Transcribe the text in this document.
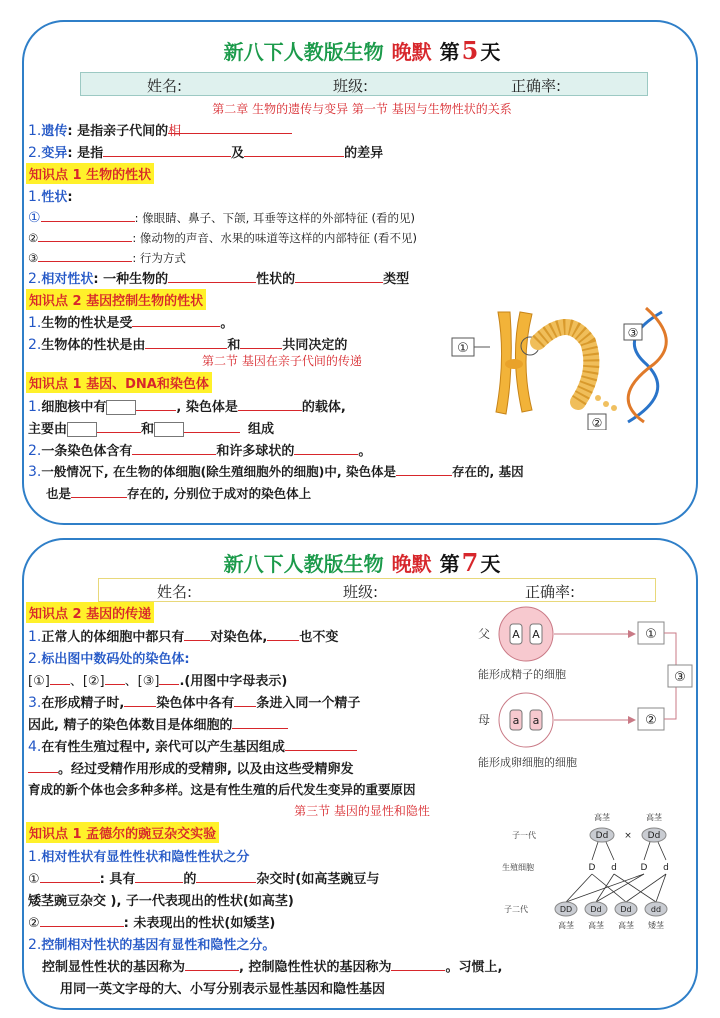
新八下人教版生物 晚默 第5 天
姓名:	班级:	正确率:
第二章 生物的遗传与变异 第一节 基因与生物性状的关系
1.遗传: 是指亲子代间的相
2.变异: 是指	及	的差异
知识点 1 生物的性状
1.性状:
①	: 像眼睛、鼻子、下颌, 耳垂等这样的外部特征 (看的见)
②	: 像动物的声音、水果的味道等这样的内部特征 (看不见)
③	: 行为方式
2.相对性状: 一种生物的	性状的	类型
知识点 2 基因控制生物的性状
1.生物的性状是受	。
2.生物体的性状是由	和	共同决定的
第二节 基因在亲子代间的传递
知识点 1 基因、DNA和染色体
1.细胞核中有	, 染色体是	的载体,
主要由	和	组成
2.一条染色体含有	和许多球状的	。
3.一般情况下, 在生物的体细胞(除生殖细胞外的细胞)中, 染色体是	存在的, 基因
也是	存在的, 分别位于成对的染色体上
①
②
③
新八下人教版生物 晚默 第7 天
姓名:	班级:	正确率:
知识点 2 基因的传递
1.正常人的体细胞中都只有 对染色体, 也不变
2.标出图中数码处的染色体:
[①] 、[②] 、[③] .(用图中字母表示)
3.在形成精子时, 染色体中各有 条进入同一个精子
因此, 精子的染色体数目是体细胞的
4.在有性生殖过程中, 亲代可以产生基因组成
。经过受精作用形成的受精卵, 以及由这些受精卵发
育成的新个体也会多种多样。这是有性生殖的后代发生变异的重要原因
第三节 基因的显性和隐性
知识点 1 孟德尔的豌豆杂交实验
1.相对性状有显性性状和隐性性状之分
①	: 具有	的	杂交时(如高茎豌豆与
矮茎豌豆杂交 ), 子一代表现出的性状(如高茎)
②	: 未表现出的性状(如矮茎)
2.控制相对性状的基因有显性和隐性之分。
控制显性性状的基因称为	, 控制隐性性状的基因称为	。习惯上,
用同一英文字母的大、小写分别表示显性基因和隐性基因
父 A A
能形成精子的细胞
①
母 a a
能形成卵细胞的细胞
②
③
高茎	高茎
子一代	Dd × Dd
生殖细胞	D d	D d
子二代	DD Dd Dd dd
高茎 高茎 高茎 矮茎
